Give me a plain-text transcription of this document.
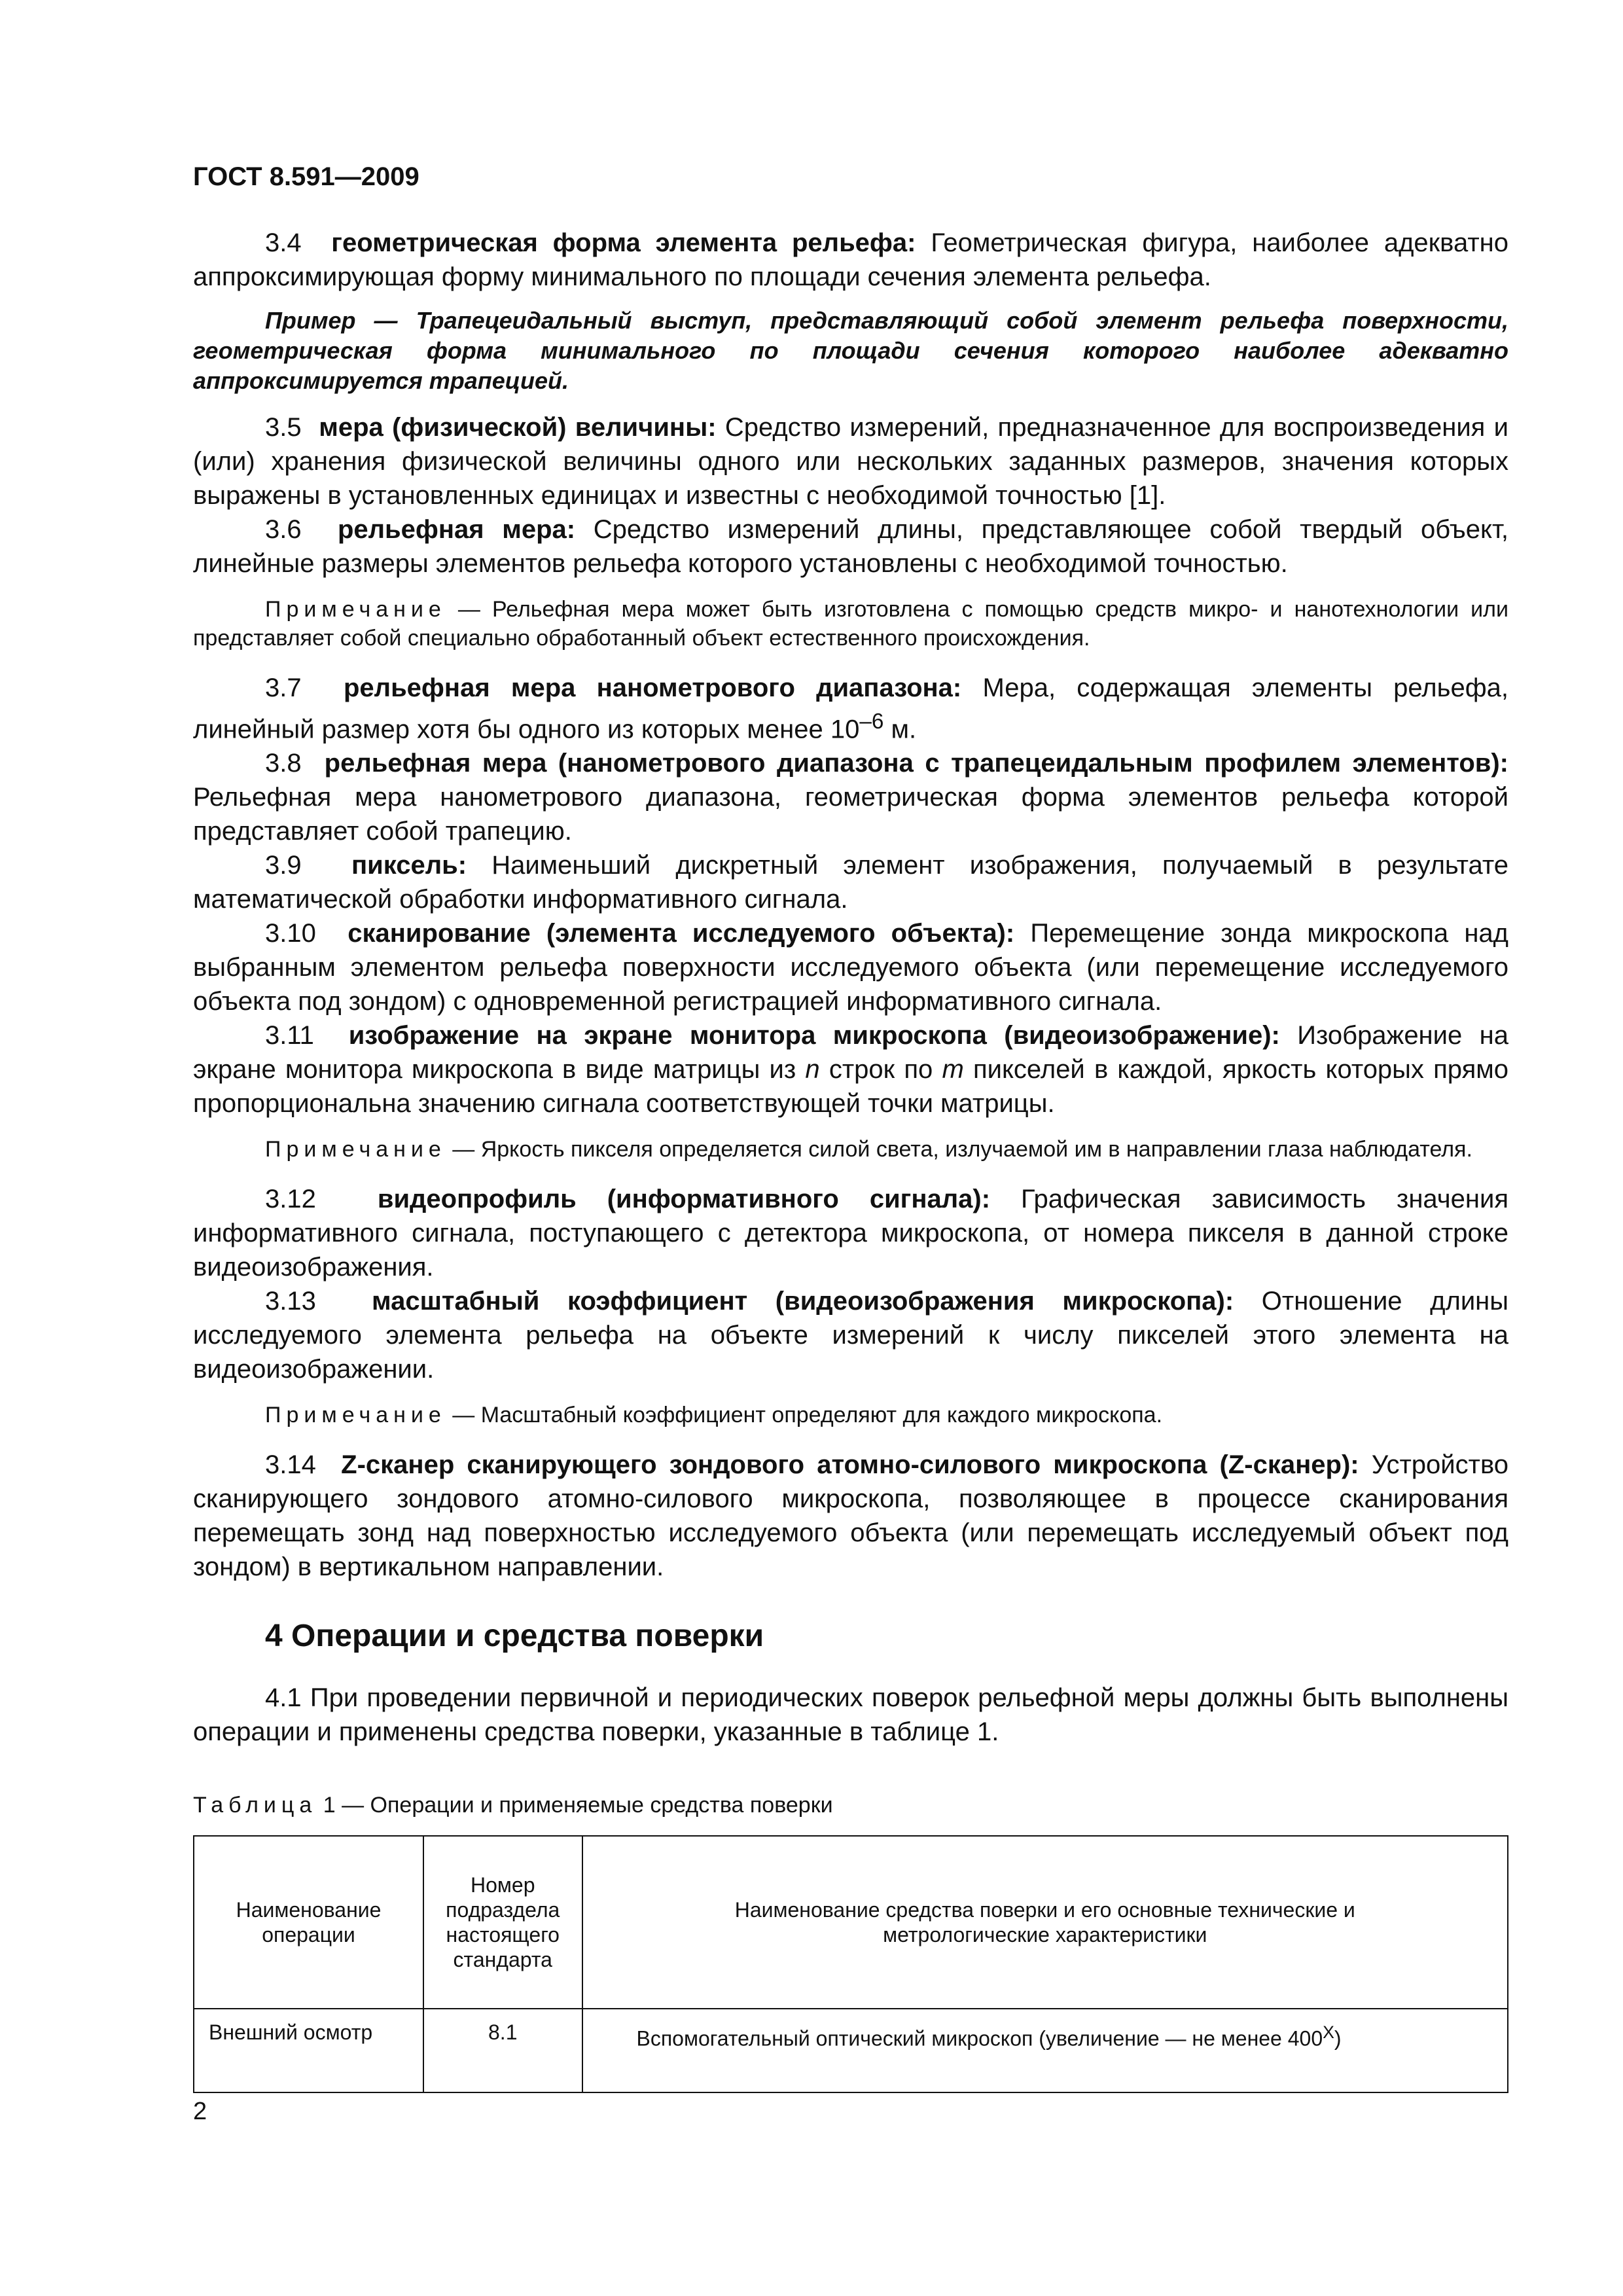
ГОСТ 8.591—2009

3.4 геометрическая форма элемента рельефа: Геометрическая фигура, наиболее адекватно аппроксимирующая форму минимального по площади сечения элемента рельефа.

Пример — Трапецеидальный выступ, представляющий собой элемент рельефа поверхности, геометрическая форма минимального по площади сечения которого наиболее адекватно аппроксимируется трапецией.

3.5 мера (физической) величины: Средство измерений, предназначенное для воспроизведения и (или) хранения физической величины одного или нескольких заданных размеров, значения которых выражены в установленных единицах и известны с необходимой точностью [1].

3.6 рельефная мера: Средство измерений длины, представляющее собой твердый объект, линейные размеры элементов рельефа которого установлены с необходимой точностью.

Примечание — Рельефная мера может быть изготовлена с помощью средств микро- и нанотехнологии или представляет собой специально обработанный объект естественного происхождения.

3.7 рельефная мера нанометрового диапазона: Мера, содержащая элементы рельефа, линейный размер хотя бы одного из которых менее $10^{-6}$ м.

3.8 рельефная мера (нанометрового диапазона с трапецеидальным профилем элементов): Рельефная мера нанометрового диапазона, геометрическая форма элементов рельефа которой представляет собой трапецию.

3.9 пиксель: Наименьший дискретный элемент изображения, получаемый в результате математической обработки информативного сигнала.

3.10 сканирование (элемента исследуемого объекта): Перемещение зонда микроскопа над выбранным элементом рельефа поверхности исследуемого объекта (или перемещение исследуемого объекта под зондом) с одновременной регистрацией информативного сигнала.

3.11 изображение на экране монитора микроскопа (видеоизображение): Изображение на экране монитора микроскопа в виде матрицы из n строк по m пикселей в каждой, яркость которых прямо пропорциональна значению сигнала соответствующей точки матрицы.

Примечание — Яркость пикселя определяется силой света, излучаемой им в направлении глаза наблюдателя.

3.12 видеопрофиль (информативного сигнала): Графическая зависимость значения информативного сигнала, поступающего с детектора микроскопа, от номера пикселя в данной строке видеоизображения.

3.13 масштабный коэффициент (видеоизображения микроскопа): Отношение длины исследуемого элемента рельефа на объекте измерений к числу пикселей этого элемента на видеоизображении.

Примечание — Масштабный коэффициент определяют для каждого микроскопа.

3.14 Z-сканер сканирующего зондового атомно-силового микроскопа (Z-сканер): Устройство сканирующего зондового атомно-силового микроскопа, позволяющее в процессе сканирования перемещать зонд над поверхностью исследуемого объекта (или перемещать исследуемый объект под зондом) в вертикальном направлении.

4 Операции и средства поверки

4.1 При проведении первичной и периодических поверок рельефной меры должны быть выполнены операции и применены средства поверки, указанные в таблице 1.

Таблица 1 — Операции и применяемые средства поверки
Наименование операции	Номер подраздела настоящего стандарта	Наименование средства поверки и его основные технические и метрологические характеристики

Внешний осмотр	8.1	Вспомогательный оптический микроскоп (увеличение — не менее $400^X$)
2
